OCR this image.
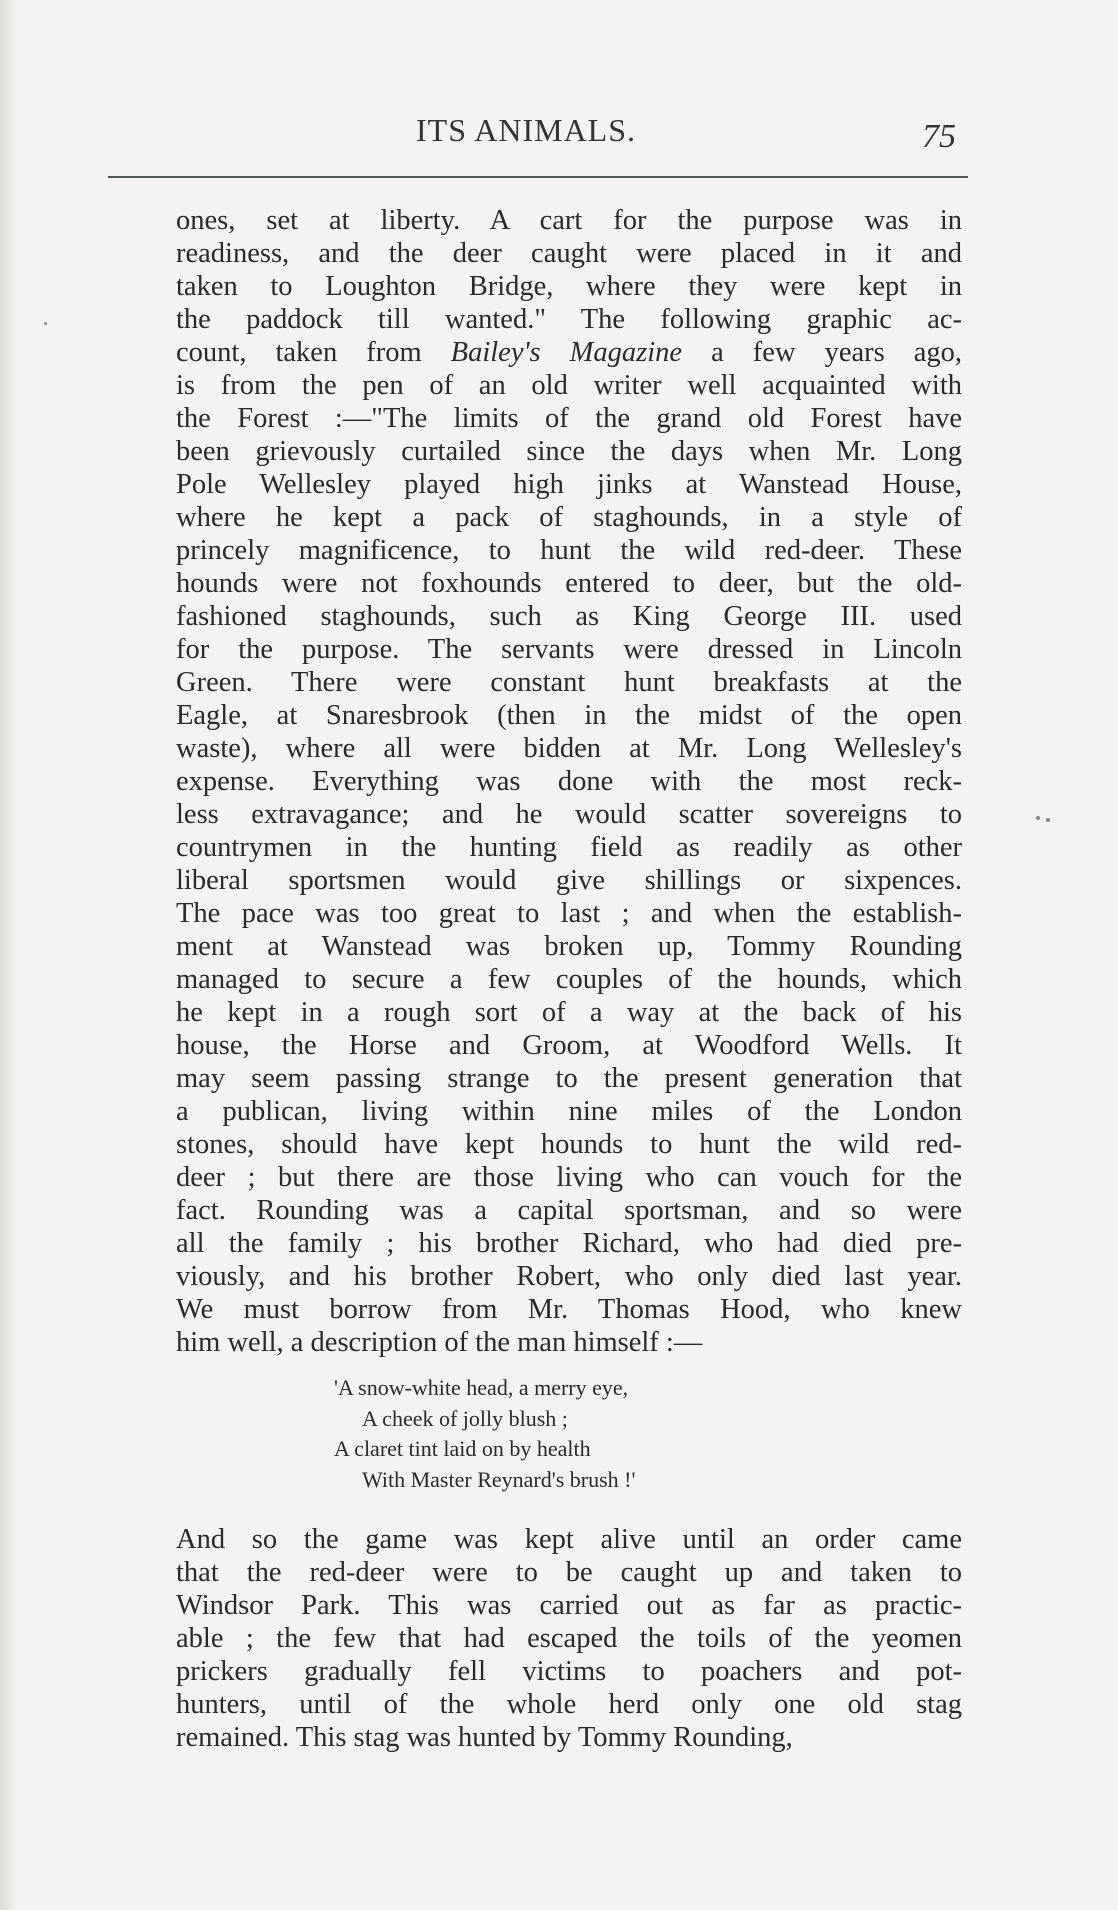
ITS ANIMALS.	75
ones, set at liberty. A cart for the purpose was in
readiness, and the deer caught were placed in it and
taken to Loughton Bridge, where they were kept in
the paddock till wanted." The following graphic ac-
count, taken from Bailey's Magazine a few years ago,
is from the pen of an old writer well acquainted with
the Forest :—"The limits of the grand old Forest have
been grievously curtailed since the days when Mr. Long
Pole Wellesley played high jinks at Wanstead House,
where he kept a pack of staghounds, in a style of
princely magnificence, to hunt the wild red-deer. These
hounds were not foxhounds entered to deer, but the old-
fashioned staghounds, such as King George III. used
for the purpose. The servants were dressed in Lincoln
Green. There were constant hunt breakfasts at the
Eagle, at Snaresbrook (then in the midst of the open
waste), where all were bidden at Mr. Long Wellesley's
expense. Everything was done with the most reck-
less extravagance; and he would scatter sovereigns to
countrymen in the hunting field as readily as other
liberal sportsmen would give shillings or sixpences.
The pace was too great to last ; and when the establish-
ment at Wanstead was broken up, Tommy Rounding
managed to secure a few couples of the hounds, which
he kept in a rough sort of a way at the back of his
house, the Horse and Groom, at Woodford Wells. It
may seem passing strange to the present generation that
a publican, living within nine miles of the London
stones, should have kept hounds to hunt the wild red-
deer ; but there are those living who can vouch for the
fact. Rounding was a capital sportsman, and so were
all the family ; his brother Richard, who had died pre-
viously, and his brother Robert, who only died last year.
We must borrow from Mr. Thomas Hood, who knew
him well, a description of the man himself :—
'A snow-white head, a merry eye,
A cheek of jolly blush ;
A claret tint laid on by health
With Master Reynard's brush !'
And so the game was kept alive until an order came
that the red-deer were to be caught up and taken to
Windsor Park. This was carried out as far as practic-
able ; the few that had escaped the toils of the yeomen
prickers gradually fell victims to poachers and pot-
hunters, until of the whole herd only one old stag
remained. This stag was hunted by Tommy Rounding,
